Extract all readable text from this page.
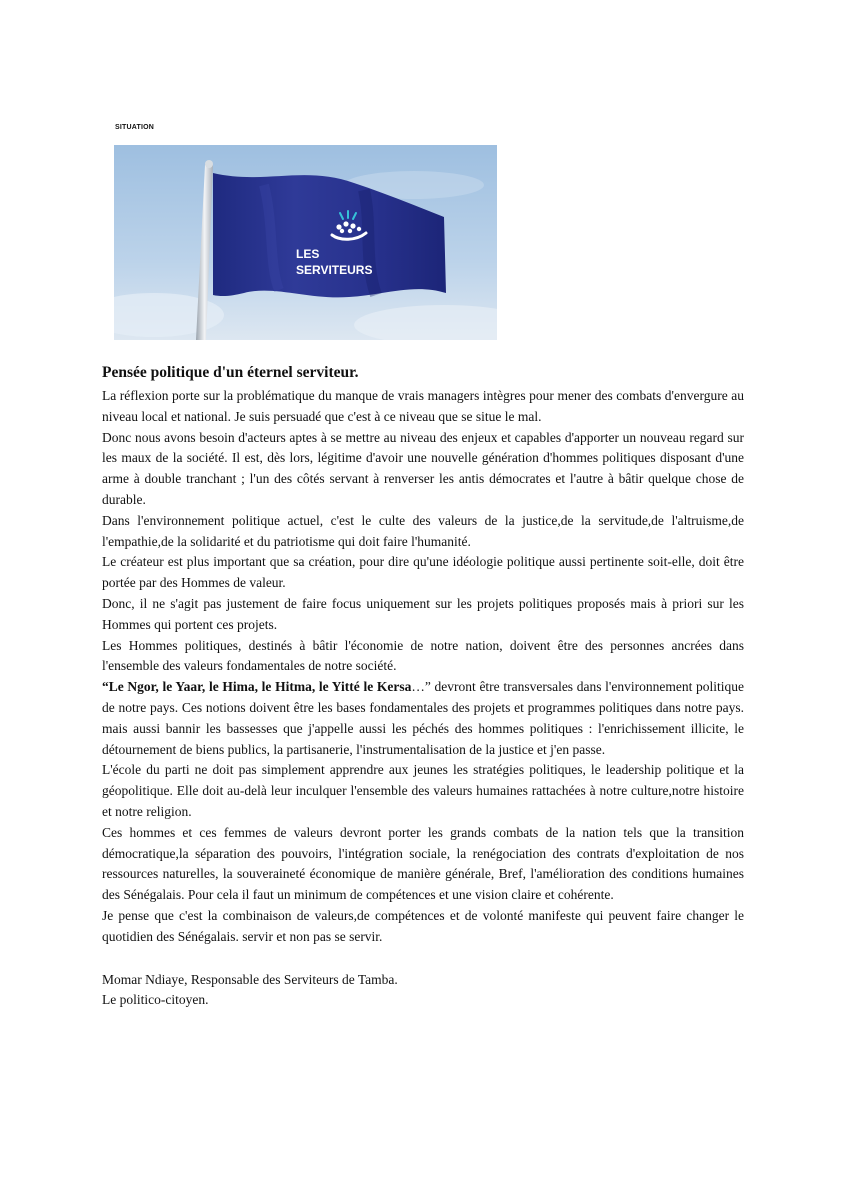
SITUATION
LES
SERVITEURS
Pensée politique d'un éternel serviteur.

La réflexion porte sur la problématique du manque de vrais managers intègres pour mener des combats d'envergure au niveau local et national. Je suis persuadé que c'est à ce niveau que se situe le mal.

Donc nous avons besoin d'acteurs aptes à se mettre au niveau des enjeux et capables d'apporter un nouveau regard sur les maux de la société. Il est, dès lors, légitime d'avoir une nouvelle génération d'hommes politiques disposant d'une arme à double tranchant ; l'un des côtés servant à renverser les antis démocrates et l'autre à bâtir quelque chose de durable.

Dans l'environnement politique actuel, c'est le culte des valeurs de la justice,de la servitude,de l'altruisme,de l'empathie,de la solidarité et du patriotisme qui doit faire l'humanité.

Le créateur est plus important que sa création, pour dire qu'une idéologie politique aussi pertinente soit-elle, doit être portée par des Hommes de valeur.

Donc, il ne s'agit pas justement de faire focus uniquement sur les projets politiques proposés mais à priori sur les Hommes qui portent ces projets.

Les Hommes politiques, destinés à bâtir l'économie de notre nation, doivent être des personnes ancrées dans l'ensemble des valeurs fondamentales de notre société.

“Le Ngor, le Yaar, le Hima, le Hitma, le Yitté le Kersa…” devront être transversales dans l'environnement politique de notre pays. Ces notions doivent être les bases fondamentales des projets et programmes politiques dans notre pays. mais aussi bannir les bassesses que j'appelle aussi les péchés des hommes politiques : l'enrichissement illicite, le détournement de biens publics, la partisanerie, l'instrumentalisation de la justice et j'en passe.

L'école du parti ne doit pas simplement apprendre aux jeunes les stratégies politiques, le leadership politique et la géopolitique. Elle doit au-delà leur inculquer l'ensemble des valeurs humaines rattachées à notre culture,notre histoire et notre religion.

Ces hommes et ces femmes de valeurs devront porter les grands combats de la nation tels que la transition démocratique,la séparation des pouvoirs, l'intégration sociale, la renégociation des contrats d'exploitation de nos ressources naturelles, la souveraineté économique de manière générale, Bref, l'amélioration des conditions humaines des Sénégalais. Pour cela il faut un minimum de compétences et une vision claire et cohérente.

Je pense que c'est la combinaison de valeurs,de compétences et de volonté manifeste qui peuvent faire changer le quotidien des Sénégalais. servir et non pas se servir.

Momar Ndiaye, Responsable des Serviteurs de Tamba.
Le politico-citoyen.
